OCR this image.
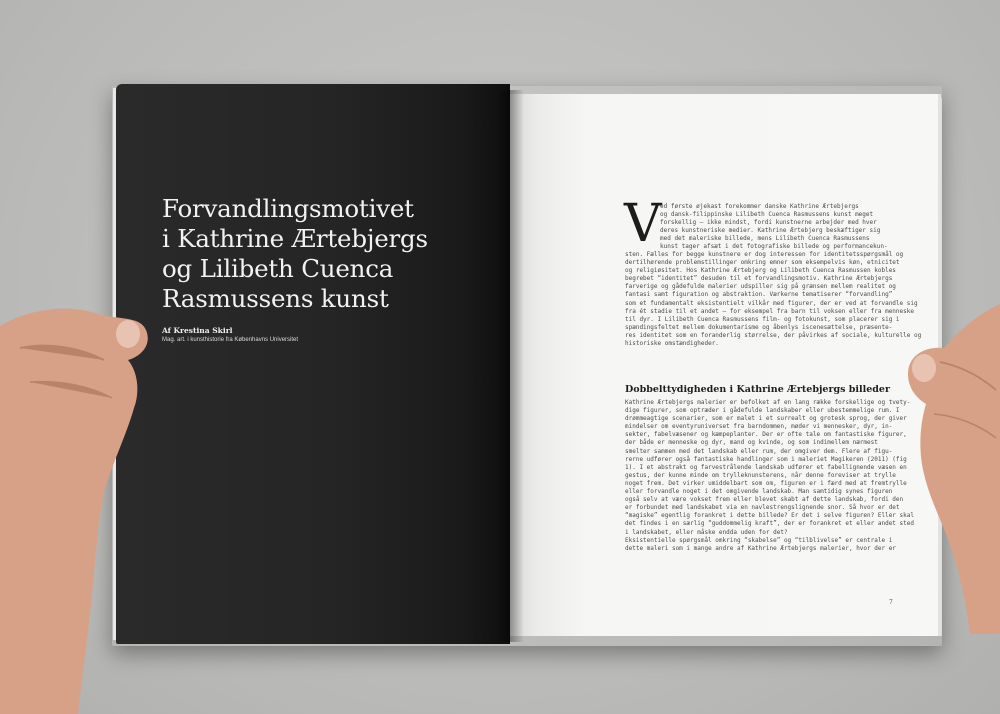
Forvandlingsmotivet
i Kathrine Ærtebjergs
og Lilibeth Cuenca
Rasmussens kunst
Af Krestina Skirl
Mag. art. i kunsthistorie fra Københavns Universitet
V
ed første øjekast forekommer danske Kathrine Ærtebjergs
og dansk-filippinske Lilibeth Cuenca Rasmussens kunst meget
forskellig – ikke mindst, fordi kunstnerne arbejder med hver
deres kunstneriske medier. Kathrine Ærtebjerg beskæftiger sig
med det maleriske billede, mens Lilibeth Cuenca Rasmussens
kunst tager afsæt i det fotografiske billede og performancekun-
sten. Fælles for begge kunstnere er dog interessen for identitetsspørgsmål og
dertilhørende problemstillinger omkring emner som eksempelvis køn, etnicitet
og religiøsitet. Hos Kathrine Ærtebjerg og Lilibeth Cuenca Rasmussen kobles
begrebet “identitet” desuden til et forvandlingsmotiv. Kathrine Ærtebjergs
farverige og gådefulde malerier udspiller sig på grænsen mellem realitet og
fantasi samt figuration og abstraktion. Værkerne tematiserer “forvandling”
som et fundamentalt eksistentielt vilkår med figurer, der er ved at forvandle sig
fra ét stadie til et andet – for eksempel fra barn til voksen eller fra menneske
til dyr. I Lilibeth Cuenca Rasmussens film- og fotokunst, som placerer sig i
spændingsfeltet mellem dokumentarisme og åbenlys iscenesættelse, præsente-
res identitet som en foranderlig størrelse, der påvirkes af sociale, kulturelle og
historiske omstændigheder.
Dobbelttydigheden i Kathrine Ærtebjergs billeder
Kathrine Ærtebjergs malerier er befolket af en lang række forskellige og tvety-
dige figurer, som optræder i gådefulde landskaber eller ubestemmelige rum. I
drømmeagtige scenarier, som er malet i et surrealt og grotesk sprog, der giver
mindelser om eventyruniverset fra barndommen, møder vi mennesker, dyr, in-
sekter, fabelvæsener og kæmpeplanter. Der er ofte tale om fantastiske figurer,
der både er menneske og dyr, mand og kvinde, og som indimellem nærmest
smelter sammen med det landskab eller rum, der omgiver dem. Flere af figu-
rerne udfører også fantastiske handlinger som i maleriet Magikeren (2011) (fig
1). I et abstrakt og farvestrålende landskab udfører et fabellignende væsen en
gestus, der kunne minde om trylleknunsterens, når denne foreviser at trylle
noget frem. Det virker umiddelbart som om, figuren er i færd med at fremtrylle
eller forvandle noget i det omgivende landskab. Man samtidig synes figuren
også selv at være vokset frem eller blevet skabt af dette landskab, fordi den
er forbundet med landskabet via en navlestrengslignende snor. Så hvor er det
“magiske” egentlig forankret i dette billede? Er det i selve figuren? Eller skal
det findes i en særlig “guddommelig kraft”, der er forankret et eller andet sted
i landskabet, eller måske endda uden for det?
Eksistentielle spørgsmål omkring “skabelse” og “tilblivelse” er centrale i
dette maleri som i mange andre af Kathrine Ærtebjergs malerier, hvor der er
7
